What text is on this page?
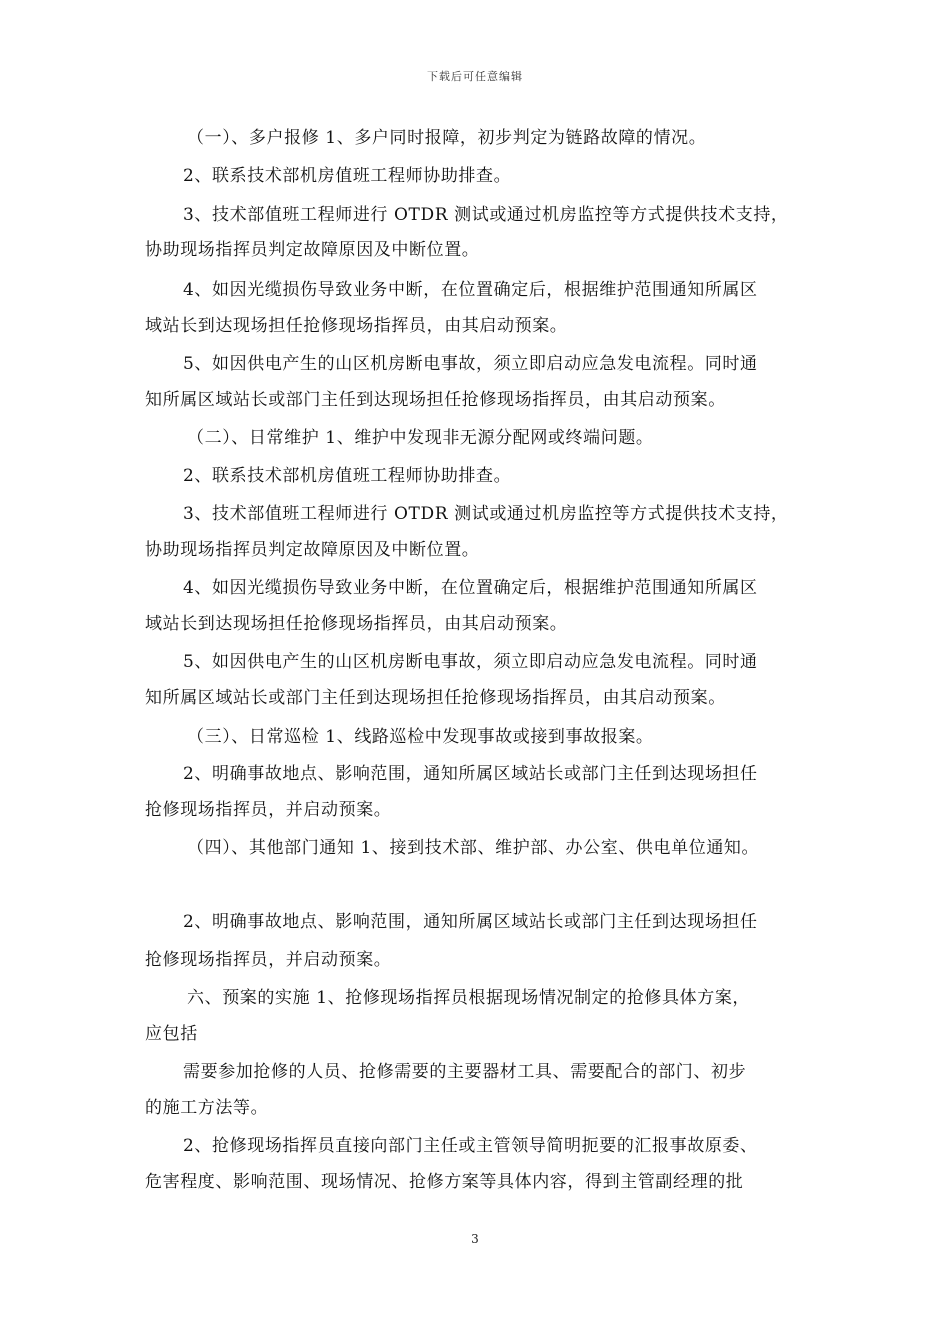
下载后可任意编辑
（一）、多户报修 1、多户同时报障，初步判定为链路故障的情况。
2、联系技术部机房值班工程师协助排查。
3、技术部值班工程师进行 OTDR 测试或通过机房监控等方式提供技术支持，
协助现场指挥员判定故障原因及中断位置。
4、如因光缆损伤导致业务中断，在位置确定后，根据维护范围通知所属区
域站长到达现场担任抢修现场指挥员，由其启动预案。
5、如因供电产生的山区机房断电事故，须立即启动应急发电流程。同时通
知所属区域站长或部门主任到达现场担任抢修现场指挥员，由其启动预案。
（二）、日常维护 1、维护中发现非无源分配网或终端问题。
2、联系技术部机房值班工程师协助排查。
3、技术部值班工程师进行 OTDR 测试或通过机房监控等方式提供技术支持，
协助现场指挥员判定故障原因及中断位置。
4、如因光缆损伤导致业务中断，在位置确定后，根据维护范围通知所属区
域站长到达现场担任抢修现场指挥员，由其启动预案。
5、如因供电产生的山区机房断电事故，须立即启动应急发电流程。同时通
知所属区域站长或部门主任到达现场担任抢修现场指挥员，由其启动预案。
（三）、日常巡检 1、线路巡检中发现事故或接到事故报案。
2、明确事故地点、影响范围，通知所属区域站长或部门主任到达现场担任
抢修现场指挥员，并启动预案。
（四）、其他部门通知 1、接到技术部、维护部、办公室、供电单位通知。
2、明确事故地点、影响范围，通知所属区域站长或部门主任到达现场担任
抢修现场指挥员，并启动预案。
六、预案的实施 1、抢修现场指挥员根据现场情况制定的抢修具体方案，
应包括
需要参加抢修的人员、抢修需要的主要器材工具、需要配合的部门、初步
的施工方法等。
2、抢修现场指挥员直接向部门主任或主管领导简明扼要的汇报事故原委、
危害程度、影响范围、现场情况、抢修方案等具体内容，得到主管副经理的批
3
